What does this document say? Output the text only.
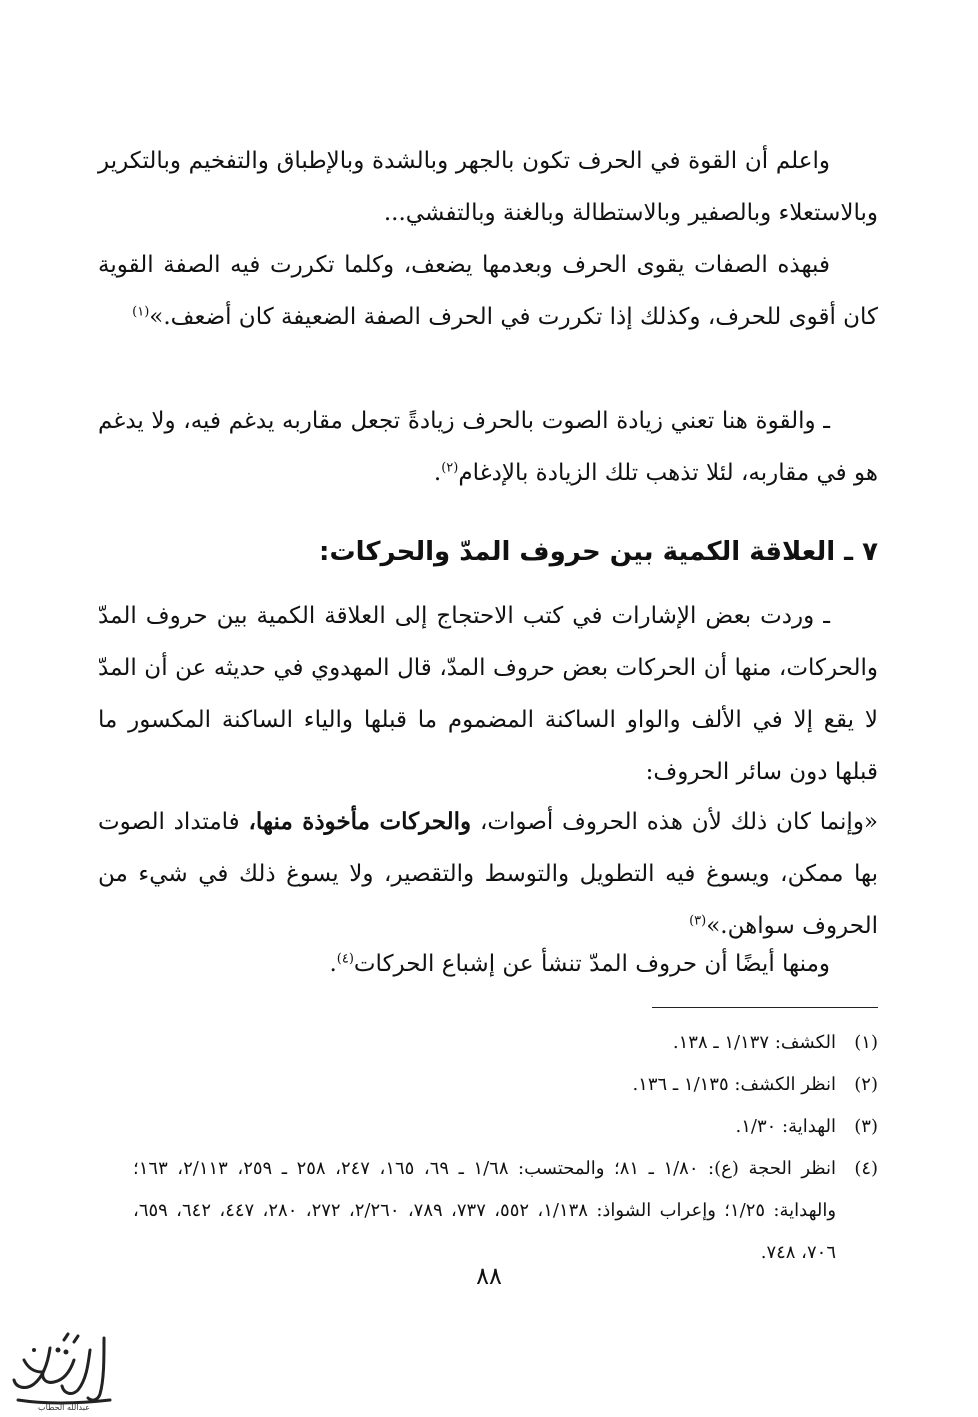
واعلم أن القوة في الحرف تكون بالجهر وبالشدة وبالإطباق والتفخيم وبالتكرير وبالاستعلاء وبالصفير وبالاستطالة وبالغنة وبالتفشي...

فبهذه الصفات يقوى الحرف وبعدمها يضعف، وكلما تكررت فيه الصفة القوية كان أقوى للحرف، وكذلك إذا تكررت في الحرف الصفة الضعيفة كان أضعف.»$^{(١)}$

ـ والقوة هنا تعني زيادة الصوت بالحرف زيادةً تجعل مقاربه يدغم فيه، ولا يدغم هو في مقاربه، لئلا تذهب تلك الزيادة بالإدغام$^{(٢)}$.

٧ ـ العلاقة الكمية بين حروف المدّ والحركات:

ـ وردت بعض الإشارات في كتب الاحتجاج إلى العلاقة الكمية بين حروف المدّ والحركات، منها أن الحركات بعض حروف المدّ، قال المهدوي في حديثه عن أن المدّ لا يقع إلا في الألف والواو الساكنة المضموم ما قبلها والياء الساكنة المكسور ما قبلها دون سائر الحروف:

«وإنما كان ذلك لأن هذه الحروف أصوات، والحركات مأخوذة منها، فامتداد الصوت بها ممكن، ويسوغ فيه التطويل والتوسط والتقصير، ولا يسوغ ذلك في شيء من الحروف سواهن.»$^{(٣)}$

ومنها أيضًا أن حروف المدّ تنشأ عن إشباع الحركات$^{(٤)}$.

(١)الكشف: ١/١٣٧ ـ ١٣٨.

(٢)انظر الكشف: ١/١٣٥ ـ ١٣٦.

(٣)الهداية: ١/٣٠.

(٤)انظر الحجة (ع): ١/٨٠ ـ ٨١؛ والمحتسب: ١/٦٨ ـ ٦٩، ١٦٥، ٢٤٧، ٢٥٨ ـ ٢٥٩، ٢/١١٣، ١٦٣؛ والهداية: ١/٢٥؛ وإعراب الشواذ: ١/١٣٨، ٥٥٢، ٧٣٧، ٧٨٩، ٢/٢٦٠، ٢٧٢، ٢٨٠، ٤٤٧، ٦٤٢، ٦٥٩، ٧٠٦، ٧٤٨.

٨٨
عبدالله الحطاب
